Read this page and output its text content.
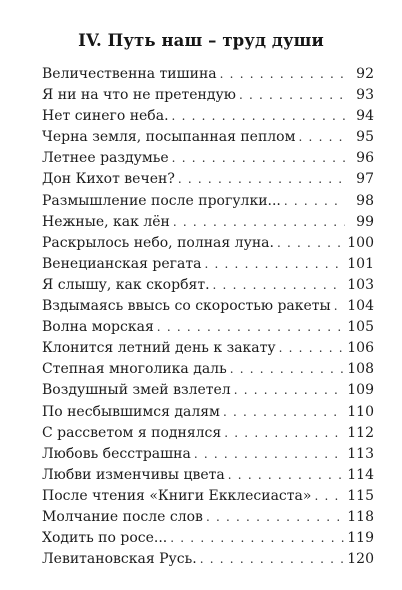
IV. Путь наш – труд души
Величественна тишина . . .	92
Я ни на что не претендую . . .	93
Нет синего неба. . . .	94
Черна земля, посыпанная пеплом . . .	95
Летнее раздумье . . .	96
Дон Кихот вечен? . . .	97
Размышление после прогулки... . . .	98
Нежные, как лён . . .	99
Раскрылось небо, полная луна. . . .	100
Венецианская регата . . .	101
Я слышу, как скорбят. . . .	103
Вздымаясь ввысь со скоростью ракеты . . . 104
Волна морская . . .	105
Клонится летний день к закату . . .	106
Степная многолика даль . . .	108
Воздушный змей взлетел . . .	109
По несбывшимся далям . . .	110
С рассветом я поднялся . . .	112
Любовь бесстрашна . . .	113
Любви изменчивы цвета . . .	114
После чтения «Книги Екклесиаста» . . .	115
Молчание после слов . . .	118
Ходить по росе... . . .	119
Левитановская Русь. . . .	120
